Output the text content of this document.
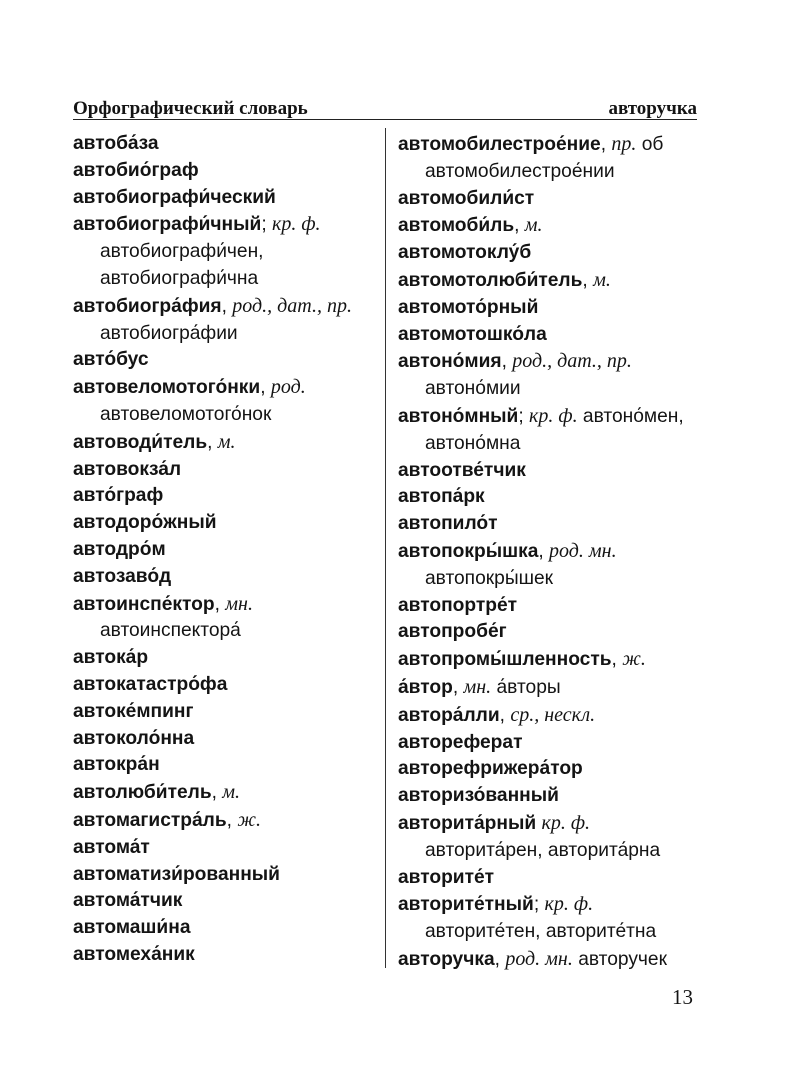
Орфографический словарь	авторучка

автоба́за

автобио́граф

автобиографи́ческий

автобиографи́чный; кр. ф. автобиографи́чен, автобиографи́чна

автобиогра́фия, род., дат., пр. автобиогра́фии

авто́бус

автовеломотого́нки, род. автовеломотого́нок

автоводи́тель, м.

автовокза́л

авто́граф

автодоро́жный

автодро́м

автозаво́д

автоинспе́ктор, мн. автоинспектора́

автока́р

автокатастро́фа

автоке́мпинг

автоколо́нна

автокра́н

автолюби́тель, м.

автомагистра́ль, ж.

автома́т

автоматизи́рованный

автома́тчик

автомаши́на

автомеха́ник

автомобилестрое́ние, пр. об автомобилестрое́нии

автомобили́ст

автомоби́ль, м.

автомотоклу́б

автомотолюби́тель, м.

автомото́рный

автомотошко́ла

автоно́мия, род., дат., пр. автоно́мии

автоно́мный; кр. ф. автоно́мен, автоно́мна

автоотве́тчик

автопа́рк

автопило́т

автопокры́шка, род. мн. автопокры́шек

автопортре́т

автопробе́г

автопромы́шленность, ж.

а́втор, мн. а́вторы

автора́лли, ср., нескл.

автореферат

авторефрижера́тор

авторизо́ванный

авторита́рный кр. ф. авторита́рен, авторита́рна

авторите́т

авторите́тный; кр. ф. авторите́тен, авторите́тна

авторучка, род. мн. авторучек

13
